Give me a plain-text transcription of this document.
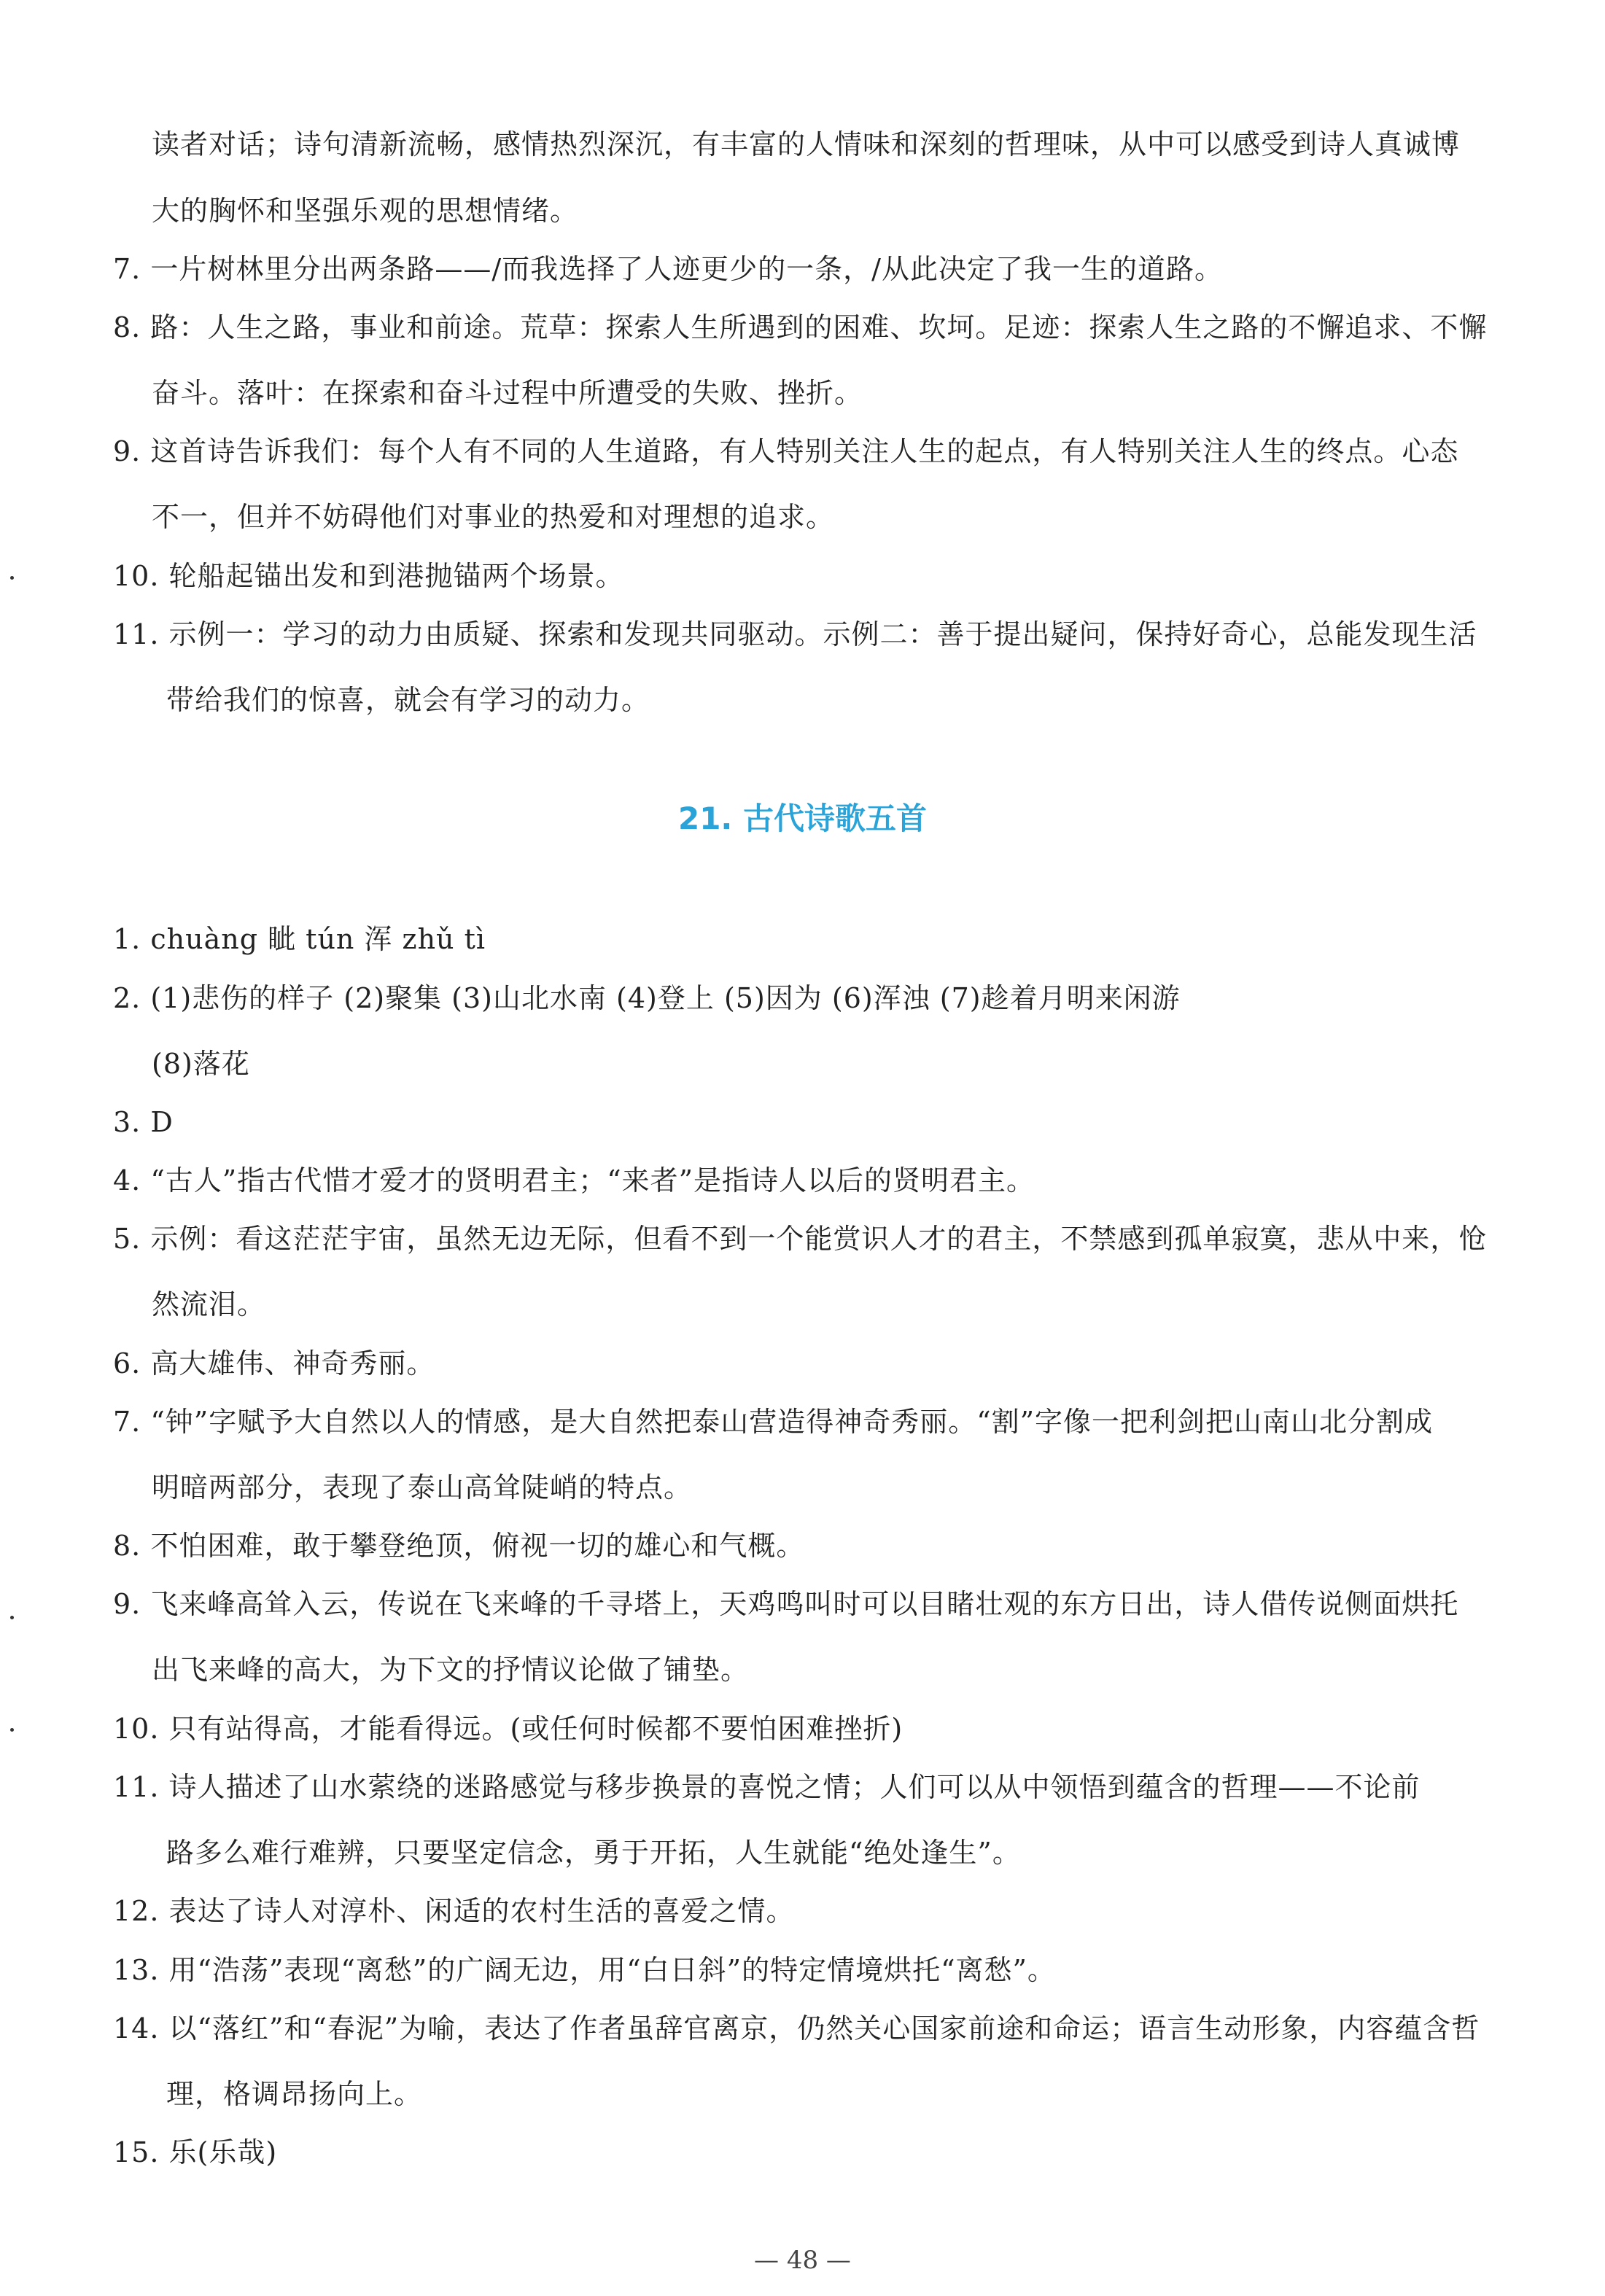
读者对话；诗句清新流畅，感情热烈深沉，有丰富的人情味和深刻的哲理味，从中可以感受到诗人真诚博
大的胸怀和坚强乐观的思想情绪。
7. 一片树林里分出两条路——/而我选择了人迹更少的一条，/从此决定了我一生的道路。
8. 路：人生之路，事业和前途。荒草：探索人生所遇到的困难、坎坷。足迹：探索人生之路的不懈追求、不懈
奋斗。落叶：在探索和奋斗过程中所遭受的失败、挫折。
9. 这首诗告诉我们：每个人有不同的人生道路，有人特别关注人生的起点，有人特别关注人生的终点。心态
不一，但并不妨碍他们对事业的热爱和对理想的追求。
10. 轮船起锚出发和到港抛锚两个场景。
11. 示例一：学习的动力由质疑、探索和发现共同驱动。示例二：善于提出疑问，保持好奇心，总能发现生活
带给我们的惊喜，就会有学习的动力。
21. 古代诗歌五首
1. chuàng 眦 tún 浑 zhǔ tì
2. (1)悲伤的样子 (2)聚集 (3)山北水南 (4)登上 (5)因为 (6)浑浊 (7)趁着月明来闲游
(8)落花
3. D
4. “古人”指古代惜才爱才的贤明君主；“来者”是指诗人以后的贤明君主。
5. 示例：看这茫茫宇宙，虽然无边无际，但看不到一个能赏识人才的君主，不禁感到孤单寂寞，悲从中来，怆
然流泪。
6. 高大雄伟、神奇秀丽。
7. “钟”字赋予大自然以人的情感，是大自然把泰山营造得神奇秀丽。“割”字像一把利剑把山南山北分割成
明暗两部分，表现了泰山高耸陡峭的特点。
8. 不怕困难，敢于攀登绝顶，俯视一切的雄心和气概。
9. 飞来峰高耸入云，传说在飞来峰的千寻塔上，天鸡鸣叫时可以目睹壮观的东方日出，诗人借传说侧面烘托
出飞来峰的高大，为下文的抒情议论做了铺垫。
10. 只有站得高，才能看得远。(或任何时候都不要怕困难挫折)
11. 诗人描述了山水萦绕的迷路感觉与移步换景的喜悦之情；人们可以从中领悟到蕴含的哲理——不论前
路多么难行难辨，只要坚定信念，勇于开拓，人生就能“绝处逢生”。
12. 表达了诗人对淳朴、闲适的农村生活的喜爱之情。
13. 用“浩荡”表现“离愁”的广阔无边，用“白日斜”的特定情境烘托“离愁”。
14. 以“落红”和“春泥”为喻，表达了作者虽辞官离京，仍然关心国家前途和命运；语言生动形象，内容蕴含哲
理，格调昂扬向上。
15. 乐(乐哉)
— 48 —
